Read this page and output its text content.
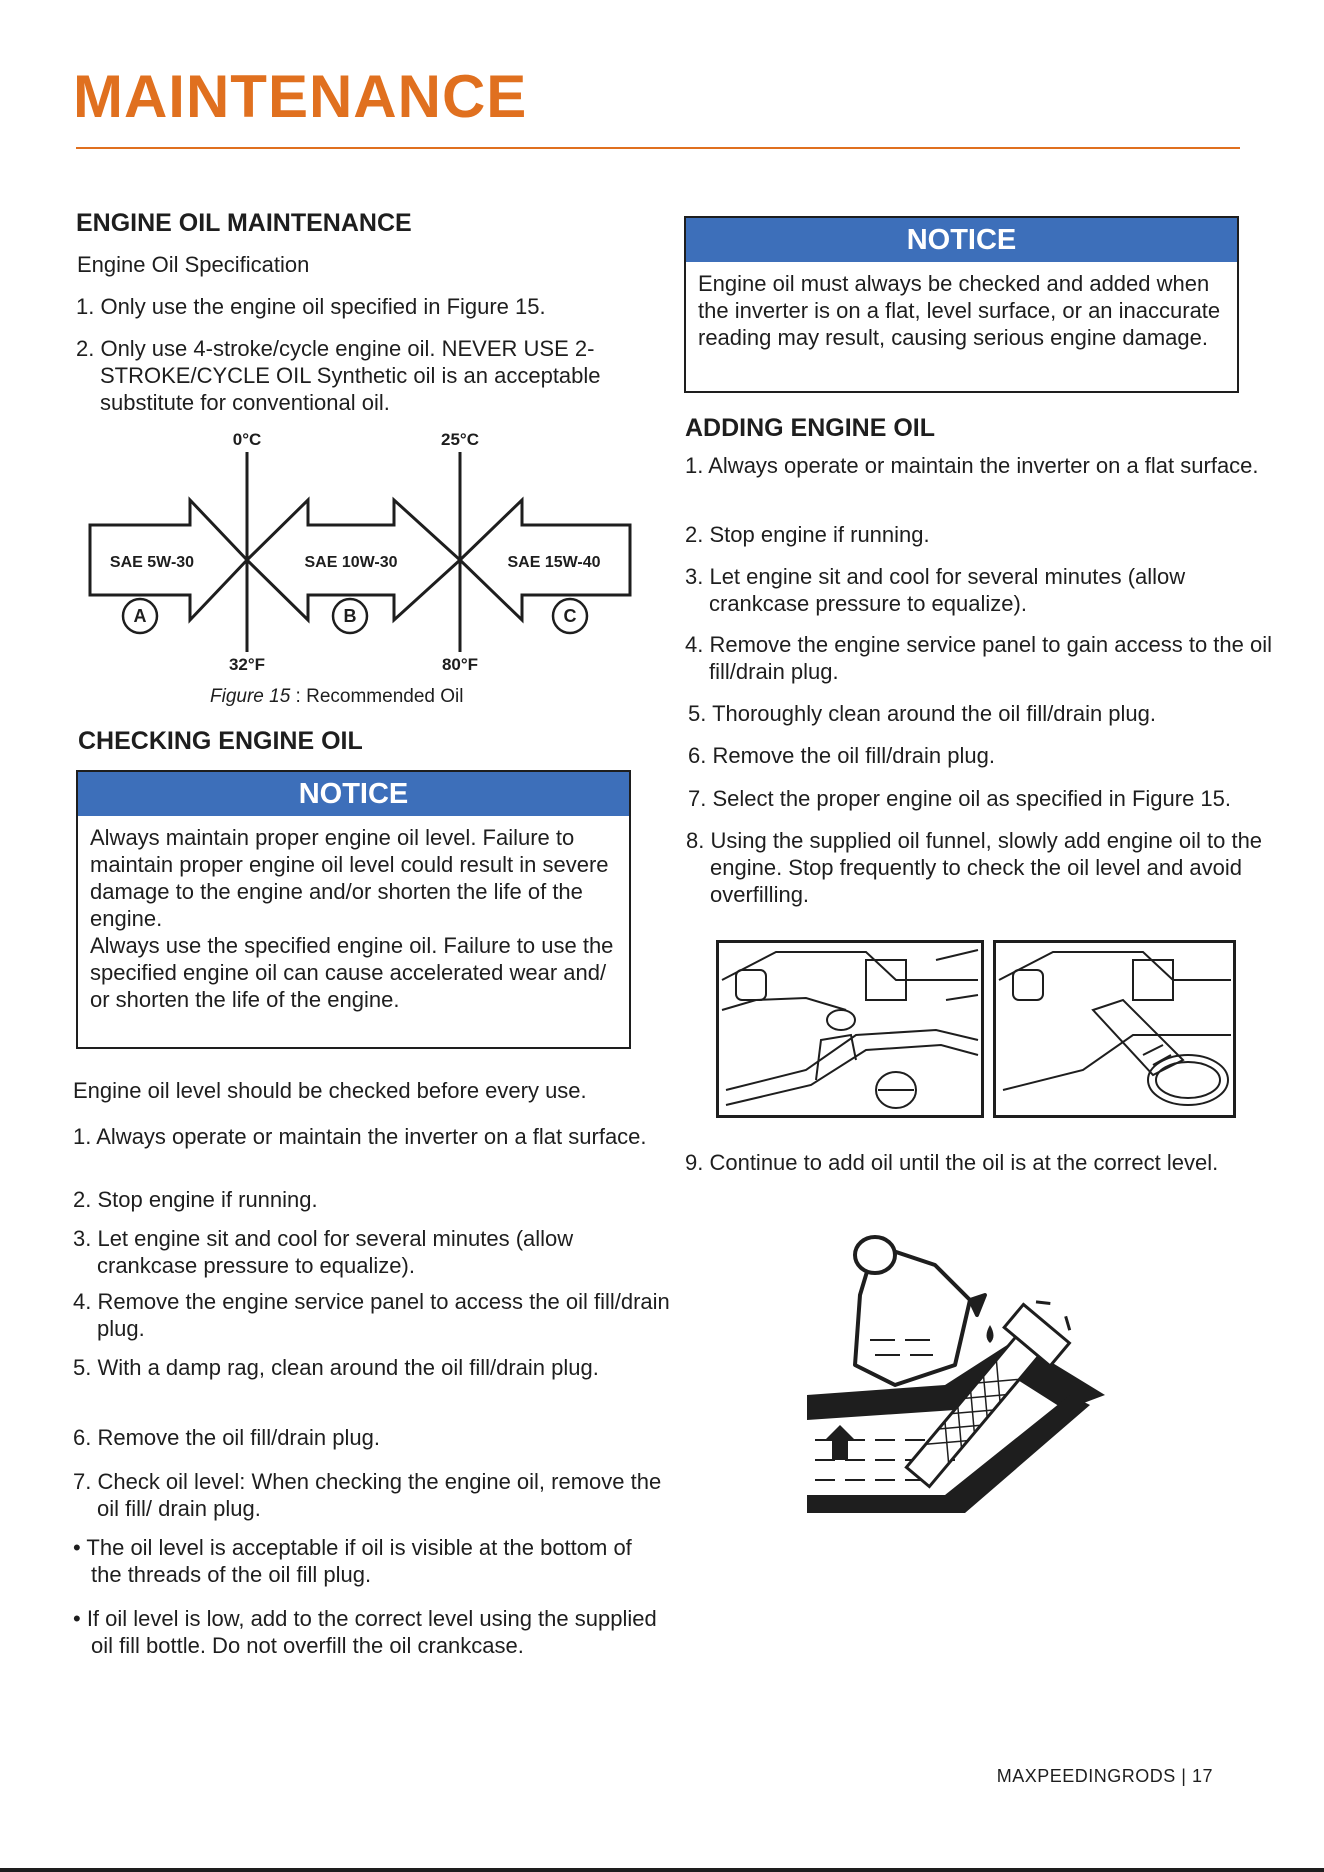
MAINTENANCE
ENGINE OIL MAINTENANCE
Engine Oil Specification
1. Only use the engine oil specified in Figure 15.
2. Only use 4-stroke/cycle engine oil. NEVER USE 2-STROKE/CYCLE OIL Synthetic oil is an acceptable substitute for conventional oil.
0°C	25°C
32°F	80°F
SAE 5W-30	SAE 10W-30	SAE 15W-40
A	B	C
Figure 15 : Recommended Oil
CHECKING ENGINE OIL
NOTICE
Always maintain proper engine oil level. Failure to maintain proper engine oil level could result in severe damage to the engine and/or shorten the life of the engine.
Always use the specified engine oil. Failure to use the specified engine oil can cause accelerated wear and/ or shorten the life of the engine.
Engine oil level should be checked before every use.
1. Always operate or maintain the inverter on a flat surface.
2. Stop engine if running.
3. Let engine sit and cool for several minutes (allow crankcase pressure to equalize).
4. Remove the engine service panel to access the oil fill/drain plug.
5. With a damp rag, clean around the oil fill/drain plug.
6. Remove the oil fill/drain plug.
7. Check oil level: When checking the engine oil, remove the oil fill/ drain plug.
• The oil level is acceptable if oil is visible at the bottom of the threads of the oil fill plug.
• If oil level is low, add to the correct level using the supplied oil fill bottle. Do not overfill the oil crankcase.
NOTICE
Engine oil must always be checked and added when the inverter is on a flat, level surface, or an inaccurate reading may result, causing serious engine damage.
ADDING ENGINE OIL
1. Always operate or maintain the inverter on a flat surface.
2. Stop engine if running.
3. Let engine sit and cool for several minutes (allow crankcase pressure to equalize).
4. Remove the engine service panel to gain access to the oil fill/drain plug.
5. Thoroughly clean around the oil fill/drain plug.
6. Remove the oil fill/drain plug.
7. Select the proper engine oil as specified in Figure 15.
8. Using the supplied oil funnel, slowly add engine oil to the engine. Stop frequently to check the oil level and avoid overfilling.
9. Continue to add oil until the oil is at the correct level.
MAXPEEDINGRODS | 17
